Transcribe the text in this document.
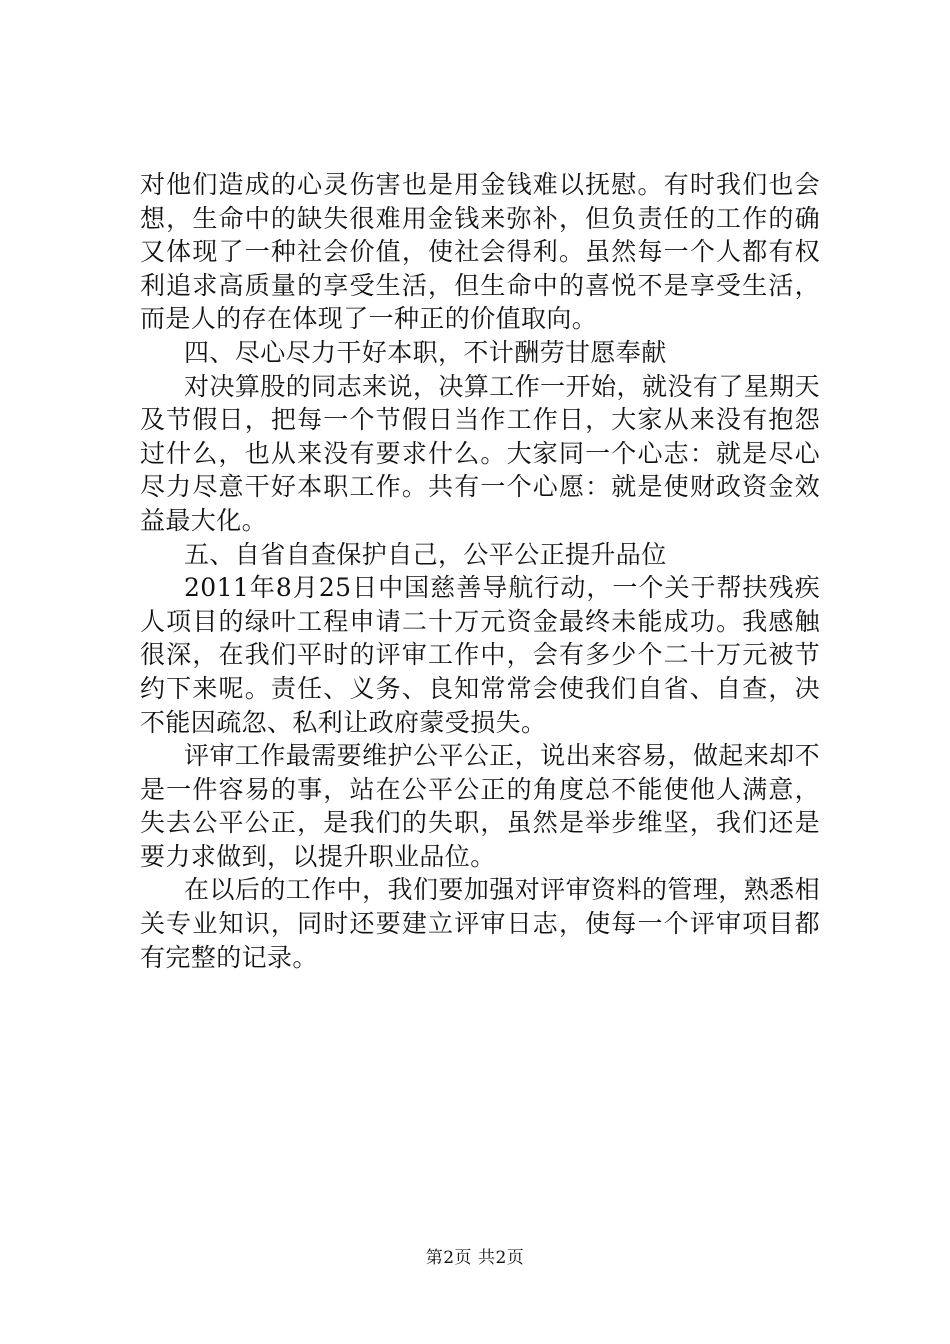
对他们造成的心灵伤害也是用金钱难以抚慰。有时我们也会想，生命中的缺失很难用金钱来弥补，但负责任的工作的确又体现了一种社会价值，使社会得利。虽然每一个人都有权利追求高质量的享受生活，但生命中的喜悦不是享受生活，而是人的存在体现了一种正的价值取向。

四、尽心尽力干好本职，不计酬劳甘愿奉献

对决算股的同志来说，决算工作一开始，就没有了星期天及节假日，把每一个节假日当作工作日，大家从来没有抱怨过什么，也从来没有要求什么。大家同一个心志：就是尽心尽力尽意干好本职工作。共有一个心愿：就是使财政资金效益最大化。

五、自省自查保护自己，公平公正提升品位

2011年8月25日中国慈善导航行动，一个关于帮扶残疾人项目的绿叶工程申请二十万元资金最终未能成功。我感触很深，在我们平时的评审工作中，会有多少个二十万元被节约下来呢。责任、义务、良知常常会使我们自省、自查，决不能因疏忽、私利让政府蒙受损失。

评审工作最需要维护公平公正，说出来容易，做起来却不是一件容易的事，站在公平公正的角度总不能使他人满意，失去公平公正，是我们的失职，虽然是举步维坚，我们还是要力求做到，以提升职业品位。

在以后的工作中，我们要加强对评审资料的管理，熟悉相关专业知识，同时还要建立评审日志，使每一个评审项目都有完整的记录。

第2页 共2页
